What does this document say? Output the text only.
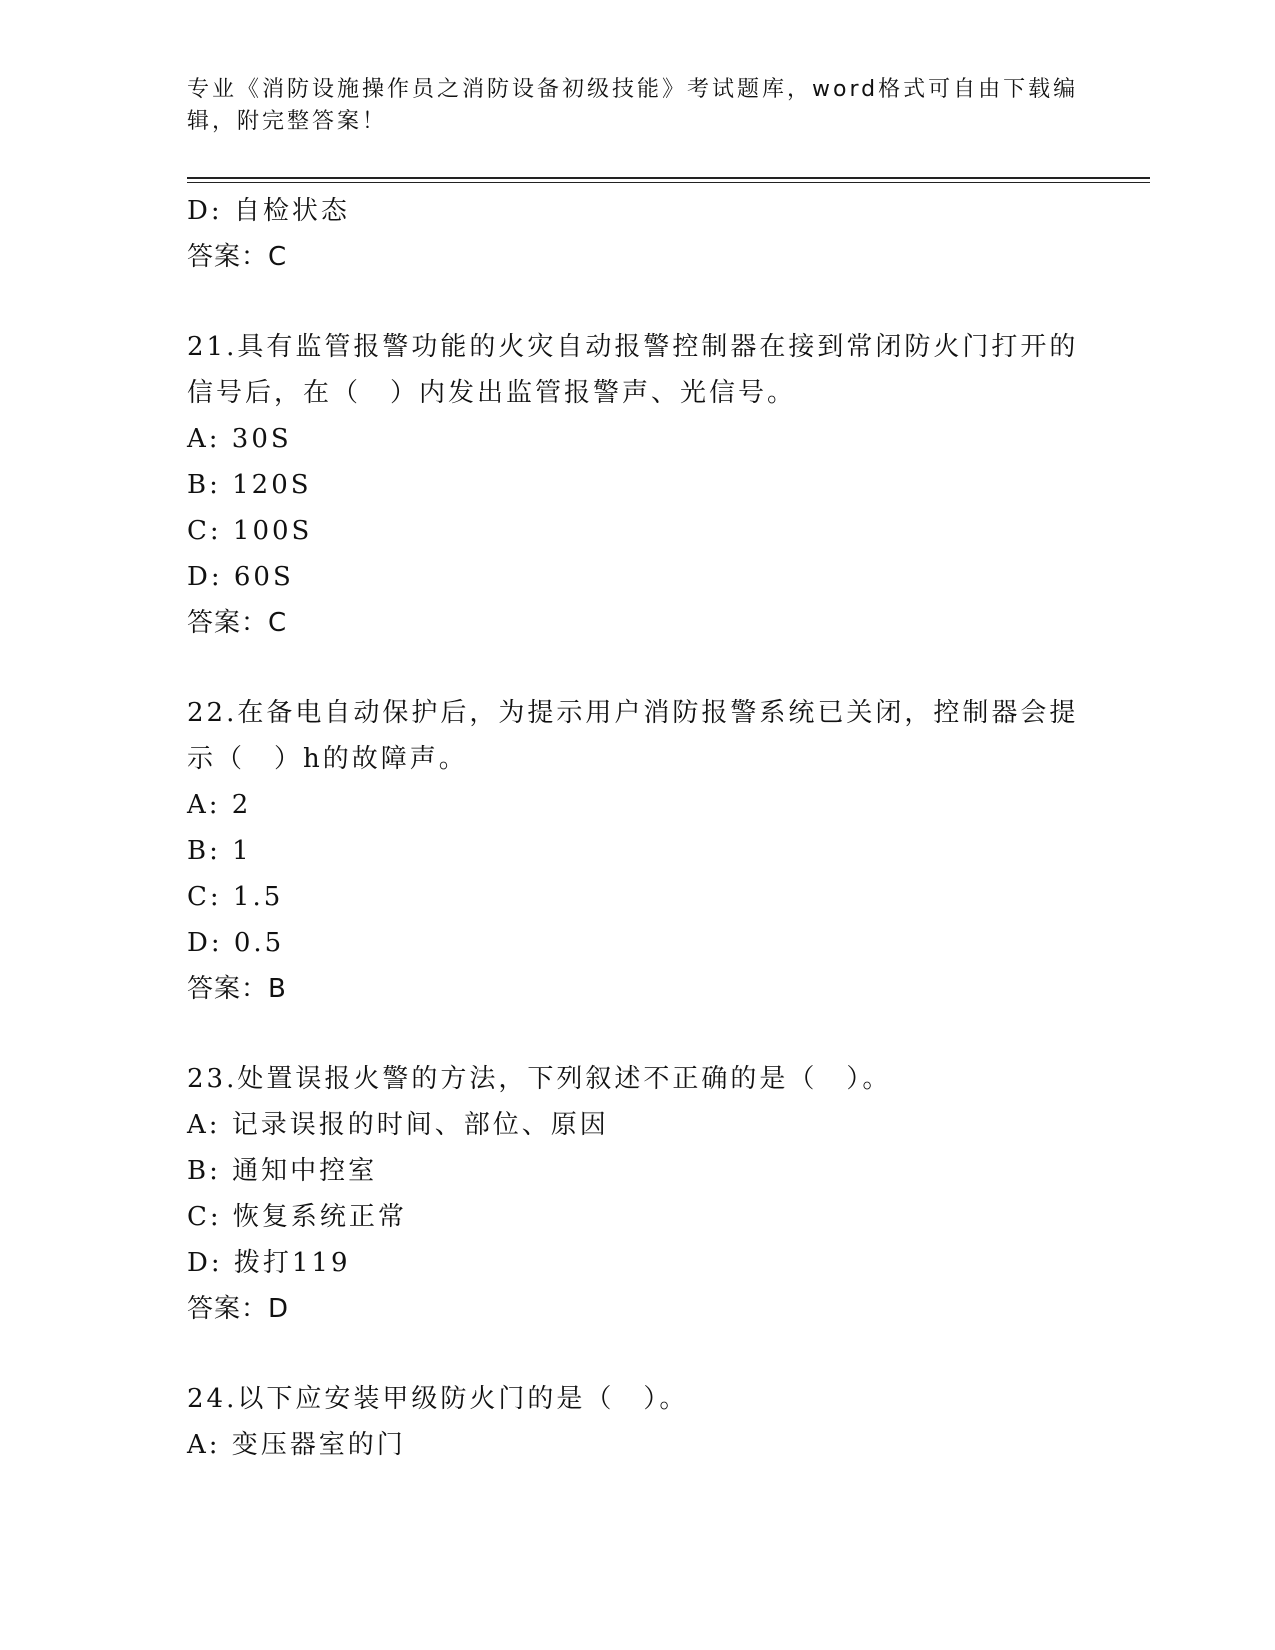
专业《消防设施操作员之消防设备初级技能》考试题库，word格式可自由下载编辑，附完整答案！
D: 自检状态
答案：C
21.具有监管报警功能的火灾自动报警控制器在接到常闭防火门打开的信号后，在（　）内发出监管报警声、光信号。
A: 30S
B: 120S
C: 100S
D: 60S
答案：C
22.在备电自动保护后，为提示用户消防报警系统已关闭，控制器会提示（　）h的故障声。
A: 2
B: 1
C: 1.5
D: 0.5
答案：B
23.处置误报火警的方法，下列叙述不正确的是（　）。
A: 记录误报的时间、部位、原因
B: 通知中控室
C: 恢复系统正常
D: 拨打119
答案：D
24.以下应安装甲级防火门的是（　）。
A: 变压器室的门
